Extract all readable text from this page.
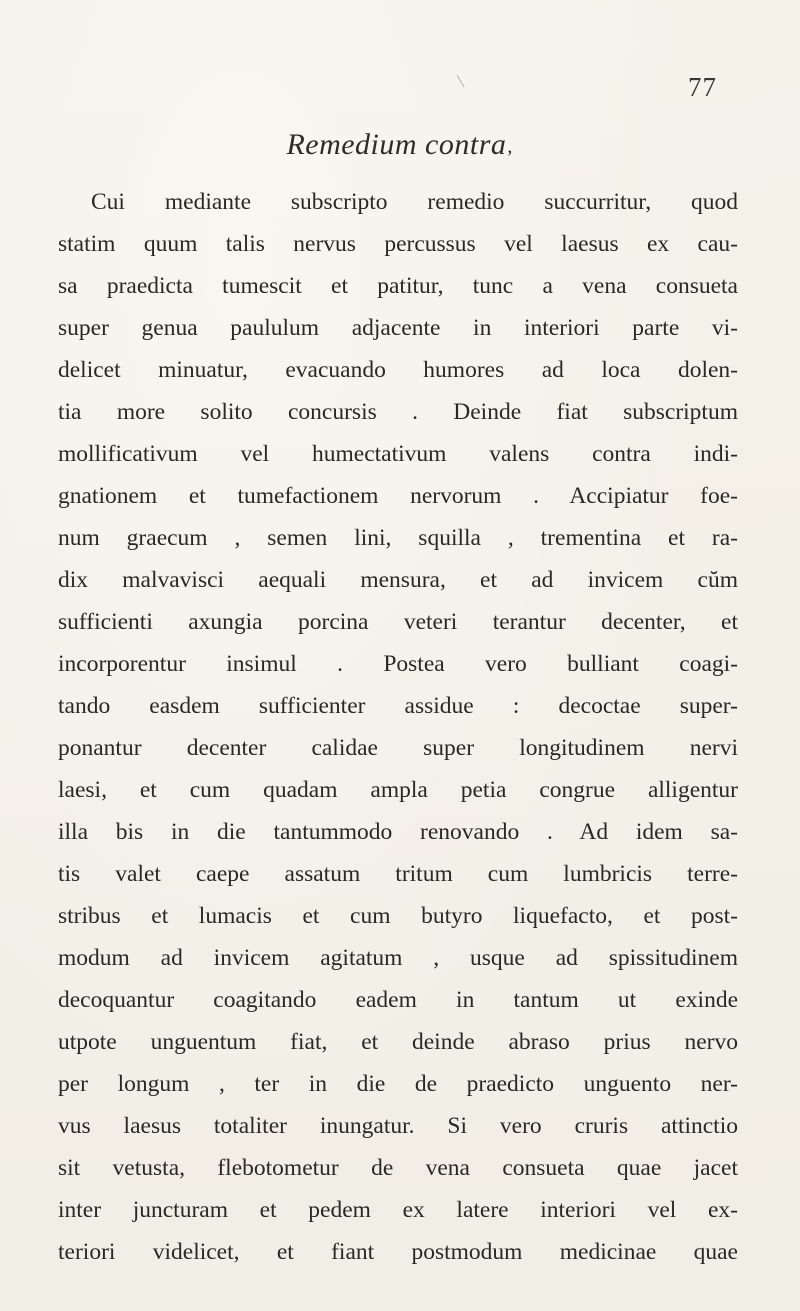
77
Remedium contra‚
Cui mediante subscripto remedio succurritur, quod
statim quum talis nervus percussus vel laesus ex cau-
sa praedicta tumescit et patitur, tunc a vena consueta
super genua paululum adjacente in interiori parte vi-
delicet minuatur, evacuando humores ad loca dolen-
tia more solito concursis . Deinde fiat subscriptum
mollificativum vel humectativum valens contra indi-
gnationem et tumefactionem nervorum . Accipiatur foe-
num graecum , semen lini, squilla , trementina et ra-
dix malvavisci aequali mensura, et ad invicem cŭm
sufficienti axungia porcina veteri terantur decenter, et
incorporentur insimul . Postea vero bulliant coagi-
tando easdem sufficienter assidue : decoctae super-
ponantur decenter calidae super longitudinem nervi
laesi, et cum quadam ampla petia congrue alligentur
illa bis in die tantummodo renovando . Ad idem sa-
tis valet caepe assatum tritum cum lumbricis terre-
stribus et lumacis et cum butyro liquefacto, et post-
modum ad invicem agitatum , usque ad spissitudinem
decoquantur coagitando eadem in tantum ut exinde
utpote unguentum fiat, et deinde abraso prius nervo
per longum , ter in die de praedicto unguento ner-
vus laesus totaliter inungatur. Si vero cruris attinctio
sit vetusta, flebotometur de vena consueta quae jacet
inter juncturam et pedem ex latere interiori vel ex-
teriori videlicet, et fiant postmodum medicinae quae
